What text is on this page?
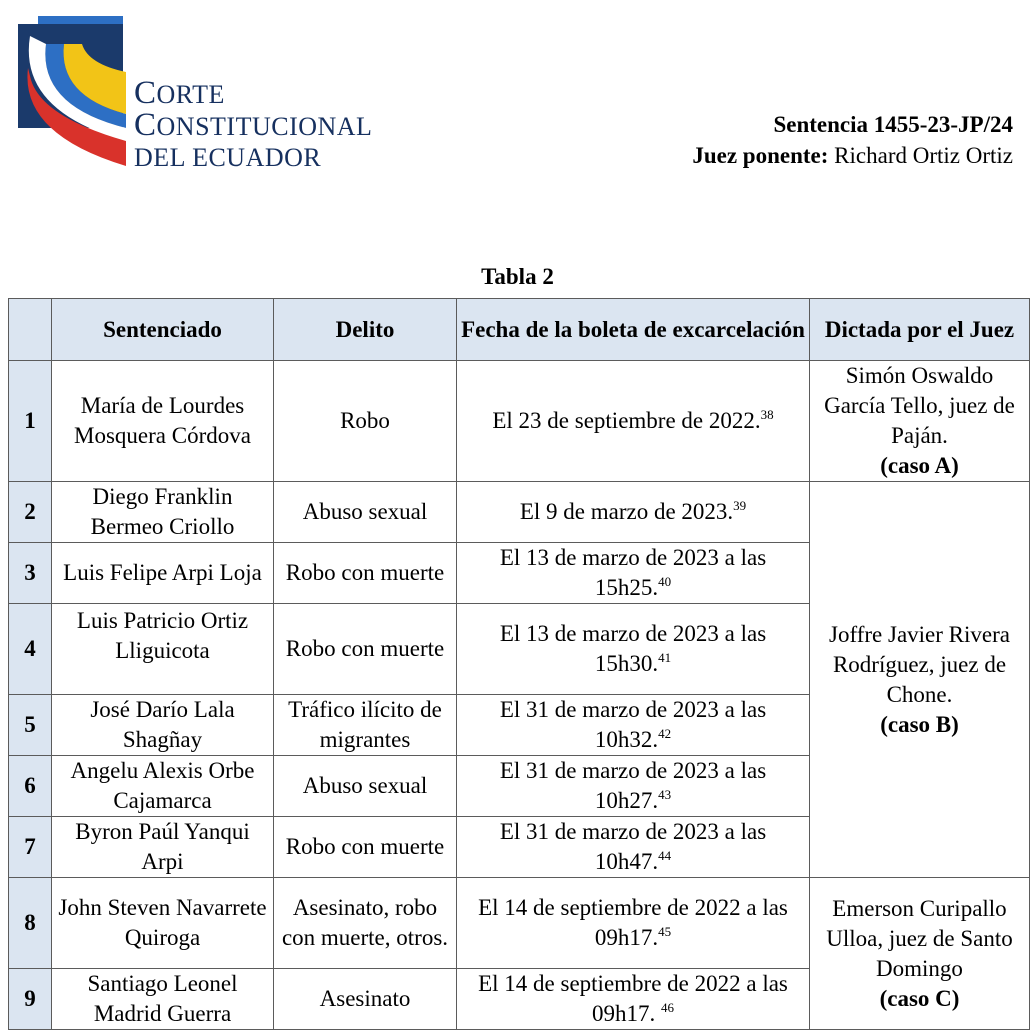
CORTE
CONSTITUCIONAL
DEL ECUADOR
Sentencia 1455-23-JP/24
Juez ponente: Richard Ortiz Ortiz
Tabla 2
	Sentenciado	Delito	Fecha de la boleta de excarcelación	Dictada por el Juez
1	María de Lourdes Mosquera Córdova	Robo	El 23 de septiembre de 2022.38	Simón Oswaldo García Tello, juez de Paján.
(caso A)
2	Diego Franklin Bermeo Criollo	Abuso sexual	El 9 de marzo de 2023.39	Joffre Javier Rivera Rodríguez, juez de Chone.
(caso B)
3	Luis Felipe Arpi Loja	Robo con muerte	El 13 de marzo de 2023 a las 15h25.40
4	Luis Patricio Ortiz Lliguicota	Robo con muerte	El 13 de marzo de 2023 a las 15h30.41
5	José Darío Lala Shagñay	Tráfico ilícito de migrantes	El 31 de marzo de 2023 a las 10h32.42
6	Angelu Alexis Orbe Cajamarca	Abuso sexual	El 31 de marzo de 2023 a las 10h27.43
7	Byron Paúl Yanqui Arpi	Robo con muerte	El 31 de marzo de 2023 a las 10h47.44
8	John Steven Navarrete Quiroga	Asesinato, robo con muerte, otros.	El 14 de septiembre de 2022 a las 09h17.45	Emerson Curipallo Ulloa, juez de Santo Domingo
(caso C)
9	Santiago Leonel Madrid Guerra	Asesinato	El 14 de septiembre de 2022 a las 09h17. $^{46}$
